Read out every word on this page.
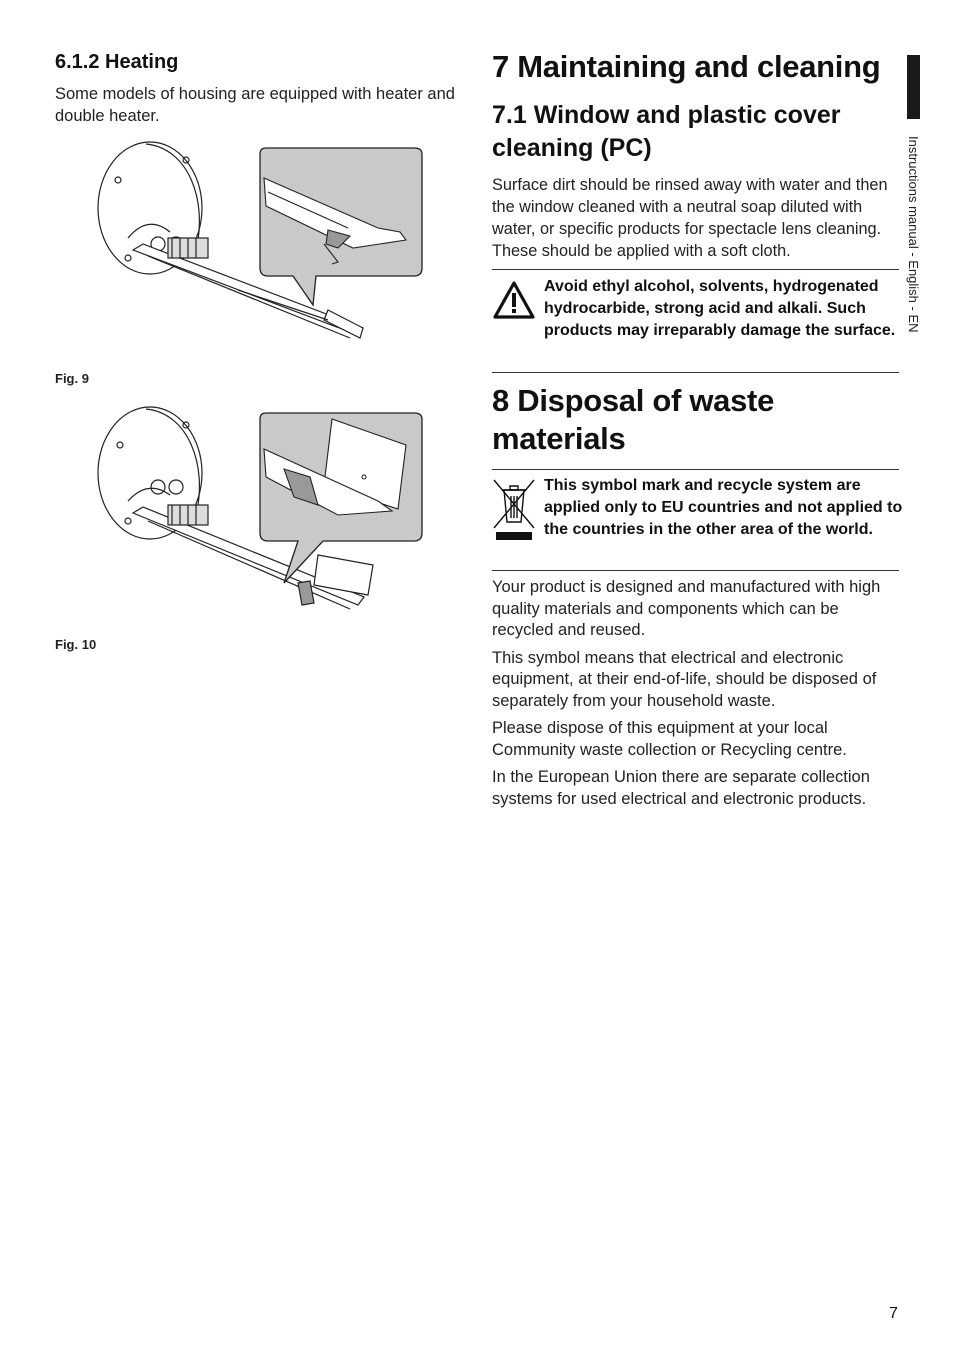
6.1.2 Heating
Some models of housing are equipped with heater and double heater.
Fig. 9
Fig. 10
7 Maintaining and cleaning
7.1 Window and plastic cover cleaning (PC)
Surface dirt should be rinsed away with water and then the window cleaned with a neutral soap diluted with water, or specific products for spectacle lens cleaning. These should be applied with a soft cloth.
Avoid ethyl alcohol, solvents, hydrogenated hydrocarbide, strong acid and alkali. Such products may irreparably damage the surface.
8 Disposal of waste materials
This symbol mark and recycle system are applied only to EU countries and not applied to the countries in the other area of the world.

Your product is designed and manufactured with high quality materials and components which can be recycled and reused.

This symbol means that electrical and electronic equipment, at their end-of-life, should be disposed of separately from your household waste.

Please dispose of this equipment at your local Community waste collection or Recycling centre.

In the European Union there are separate collection systems for used electrical and electronic products.

Instructions manual - English - EN
7
